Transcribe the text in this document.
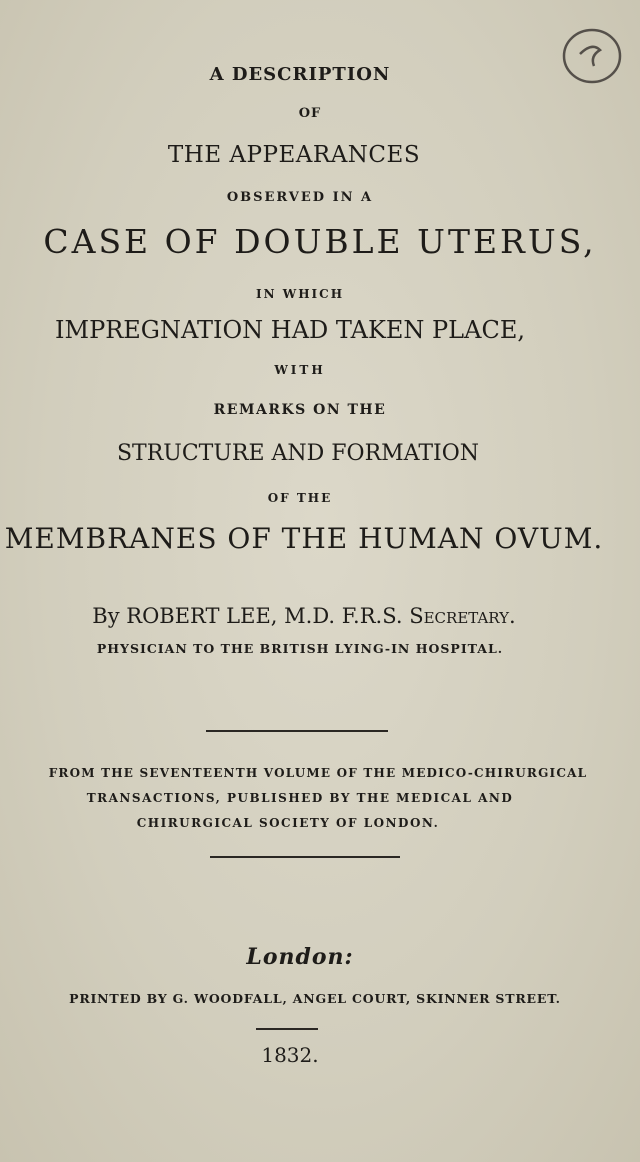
A DESCRIPTION
OF
THE APPEARANCES
OBSERVED IN A
CASE OF DOUBLE UTERUS,
IN WHICH
IMPREGNATION HAD TAKEN PLACE,
WITH
REMARKS ON THE
STRUCTURE AND FORMATION
OF THE
MEMBRANES OF THE HUMAN OVUM.
By ROBERT LEE, M.D. F.R.S. Secretary.
PHYSICIAN TO THE BRITISH LYING-IN HOSPITAL.
FROM THE SEVENTEENTH VOLUME OF THE MEDICO-CHIRURGICAL
TRANSACTIONS, PUBLISHED BY THE MEDICAL AND
CHIRURGICAL SOCIETY OF LONDON.
London:
PRINTED BY G. WOODFALL, ANGEL COURT, SKINNER STREET.
1832.
